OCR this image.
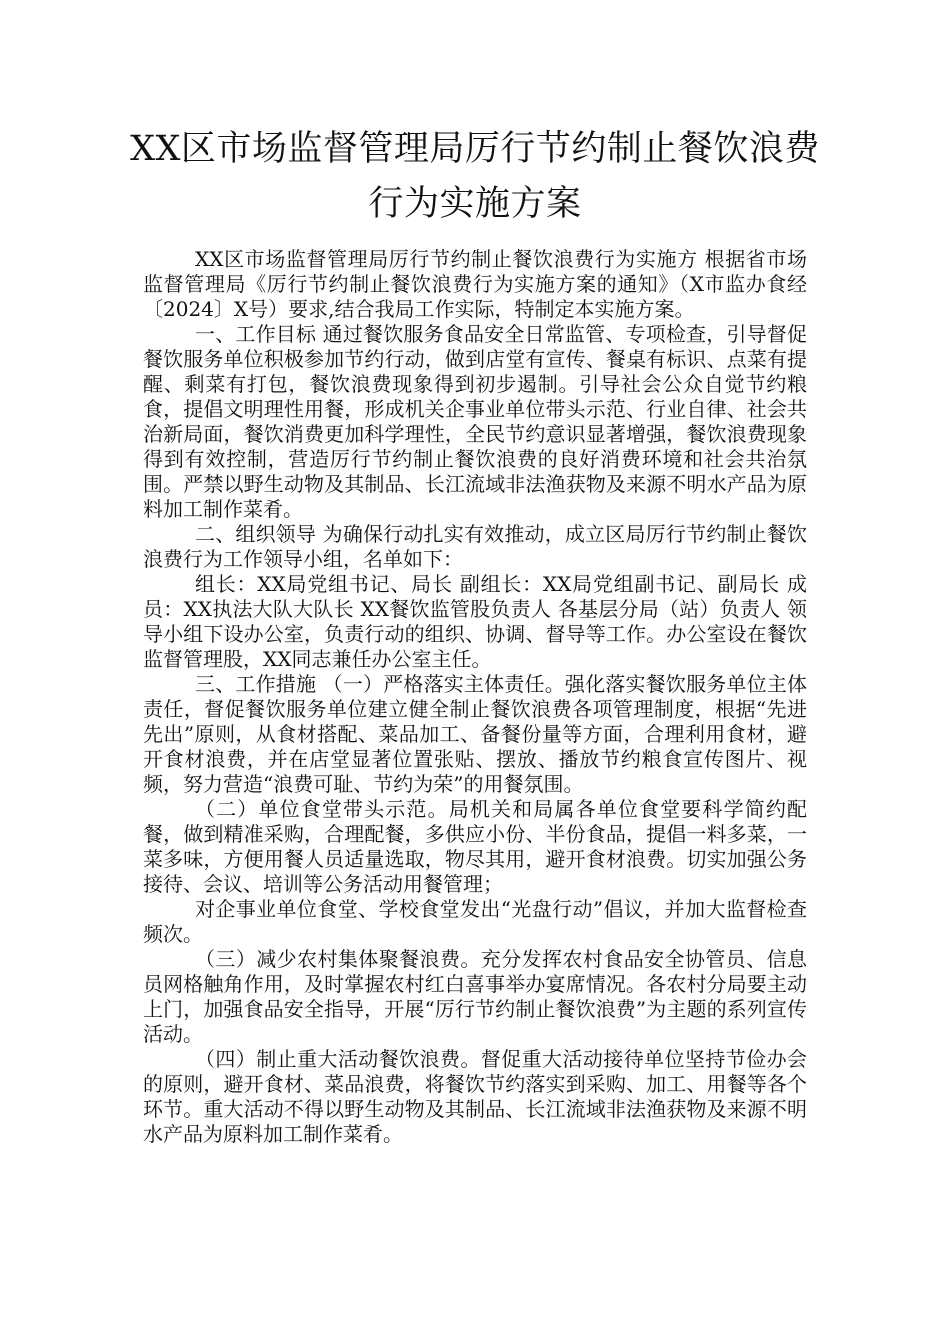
XX区市场监督管理局厉行节约制止餐饮浪费行为实施方案

XX区市场监督管理局厉行节约制止餐饮浪费行为实施方 根据省市场监督管理局《厉行节约制止餐饮浪费行为实施方案的通知》（X市监办食经〔2024〕X号）要求,结合我局工作实际，特制定本实施方案。

一、工作目标 通过餐饮服务食品安全日常监管、专项检查，引导督促餐饮服务单位积极参加节约行动，做到店堂有宣传、餐桌有标识、点菜有提醒、剩菜有打包，餐饮浪费现象得到初步遏制。引导社会公众自觉节约粮食，提倡文明理性用餐，形成机关企事业单位带头示范、行业自律、社会共治新局面，餐饮消费更加科学理性，全民节约意识显著增强，餐饮浪费现象得到有效控制，营造厉行节约制止餐饮浪费的良好消费环境和社会共治氛围。严禁以野生动物及其制品、长江流域非法渔获物及来源不明水产品为原料加工制作菜肴。

二、组织领导 为确保行动扎实有效推动，成立区局厉行节约制止餐饮浪费行为工作领导小组，名单如下：

组长：XX局党组书记、局长 副组长：XX局党组副书记、副局长 成员：XX执法大队大队长 XX餐饮监管股负责人 各基层分局（站）负责人 领导小组下设办公室，负责行动的组织、协调、督导等工作。办公室设在餐饮监督管理股，XX同志兼任办公室主任。

三、工作措施 （一）严格落实主体责任。强化落实餐饮服务单位主体责任，督促餐饮服务单位建立健全制止餐饮浪费各项管理制度，根据“先进先出”原则，从食材搭配、菜品加工、备餐份量等方面，合理利用食材，避开食材浪费，并在店堂显著位置张贴、摆放、播放节约粮食宣传图片、视频，努力营造“浪费可耻、节约为荣”的用餐氛围。

（二）单位食堂带头示范。局机关和局属各单位食堂要科学简约配餐，做到精准采购，合理配餐，多供应小份、半份食品，提倡一料多菜，一菜多味，方便用餐人员适量选取，物尽其用，避开食材浪费。切实加强公务接待、会议、培训等公务活动用餐管理；

对企事业单位食堂、学校食堂发出“光盘行动”倡议，并加大监督检查频次。

（三）减少农村集体聚餐浪费。充分发挥农村食品安全协管员、信息员网格触角作用，及时掌握农村红白喜事举办宴席情况。各农村分局要主动上门，加强食品安全指导，开展“厉行节约制止餐饮浪费”为主题的系列宣传活动。

（四）制止重大活动餐饮浪费。督促重大活动接待单位坚持节俭办会的原则，避开食材、菜品浪费，将餐饮节约落实到采购、加工、用餐等各个环节。重大活动不得以野生动物及其制品、长江流域非法渔获物及来源不明水产品为原料加工制作菜肴。
